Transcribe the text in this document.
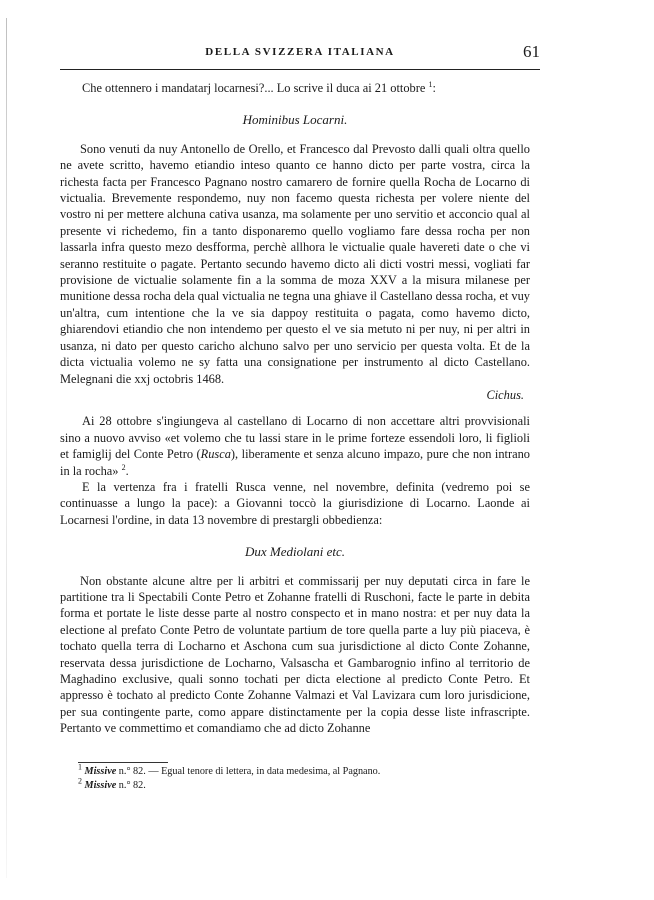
DELLA SVIZZERA ITALIANA	61

Che ottennero i mandatarj locarnesi?... Lo scrive il duca ai 21 ottobre $^1$:

Hominibus Locarni.

Sono venuti da nuy Antonello de Orello, et Francesco dal Prevosto dalli quali oltra quello ne avete scritto, havemo etiandio inteso quanto ce hanno dicto per parte vostra, circa la richesta facta per Francesco Pagnano nostro camarero de fornire quella Rocha de Locarno di victualia. Brevemente respondemo, nuy non facemo questa richesta per volere niente del vostro ni per mettere alchuna cativa usanza, ma solamente per uno servitio et acconcio qual al presente vi richedemo, fin a tanto disponaremo quello vogliamo fare dessa rocha per non lassarla infra questo mezo desfforma, perchè allhora le victualie quale havereti date o che vi seranno restituite o pagate. Pertanto secundo havemo dicto ali dicti vostri messi, vogliati far provisione de victualie solamente fin a la somma de moza XXV a la misura milanese per munitione dessa rocha dela qual victualia ne tegna una ghiave il Castellano dessa rocha, et vuy un'altra, cum intentione che la ve sia dappoy restituita o pagata, como havemo dicto, ghiarendovi etiandio che non intendemo per questo el ve sia metuto ni per nuy, ni per altri in usanza, ni dato per questo caricho alchuno salvo per uno servicio per questa volta. Et de la dicta victualia volemo ne sy fatta una consignatione per instrumento al dicto Castellano. Melegnani die xxj octobris 1468.

Cichus.

Ai 28 ottobre s'ingiungeva al castellano di Locarno di non accettare altri provvisionali sino a nuovo avviso «et volemo che tu lassi stare in le prime forteze essendoli loro, li figlioli et famiglij del Conte Petro (Rusca), liberamente et senza alcuno impazo, pure che non intrano in la rocha» $^2$.

E la vertenza fra i fratelli Rusca venne, nel novembre, definita (vedremo poi se continuasse a lungo la pace): a Giovanni toccò la giurisdizione di Locarno. Laonde ai Locarnesi l'ordine, in data 13 novembre di prestargli obbedienza:

Dux Mediolani etc.

Non obstante alcune altre per li arbitri et commissarij per nuy deputati circa in fare le partitione tra li Spectabili Conte Petro et Zohanne fratelli di Ruschoni, facte le parte in debita forma et portate le liste desse parte al nostro conspecto et in mano nostra: et per nuy data la electione al prefato Conte Petro de voluntate partium de tore quella parte a luy più piaceva, è tochato quella terra di Locharno et Aschona cum sua jurisdictione al dicto Conte Zohanne, reservata dessa jurisdictione de Locharno, Valsascha et Gambarognio infino al territorio de Maghadino exclusive, quali sonno tochati per dicta electione al predicto Conte Petro. Et appresso è tochato al predicto Conte Zohanne Valmazi et Val Lavizara cum loro jurisdicione, per sua contingente parte, como appare distinctamente per la copia desse liste infrascripte. Pertanto ve commettimo et comandiamo che ad dicto Zohanne

$^1$ Missive n.° 82. — Egual tenore di lettera, in data medesima, al Pagnano.

$^2$ Missive n.° 82.
